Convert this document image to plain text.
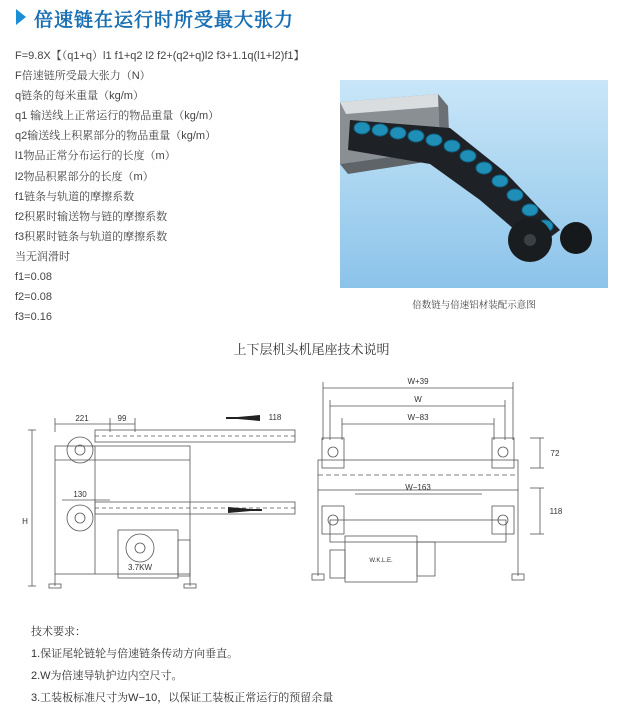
倍速链在运行时所受最大张力
F=9.8X【（q1+q）l1 f1+q2 l2 f2+(q2+q)l2 f3+1.1q(l1+l2)f1】
F倍速链所受最大张力（N）
q链条的每米重量（kg/m）
q1 输送线上正常运行的物品重量（kg/m）
q2输送线上积累部分的物品重量（kg/m）
l1物品正常分布运行的长度（m）
l2物品积累部分的长度（m）
f1链条与轨道的摩擦系数
f2积累时输送物与链的摩擦系数
f3积累时链条与轨道的摩擦系数
当无润滑时
f1=0.08
f2=0.08
f3=0.16
倍数链与倍速铝材装配示意图
上下层机头机尾座技术说明
221	99	118
130
H
3.7KW
W+39
W
W−83
W−163
72
118
W.K.L.E.
技术要求：
1.保证尾轮链轮与倍速链条传动方向垂直。
2.W为倍速导轨护边内空尺寸。
3.工装板标准尺寸为W−10，以保证工装板正常运行的预留余量
